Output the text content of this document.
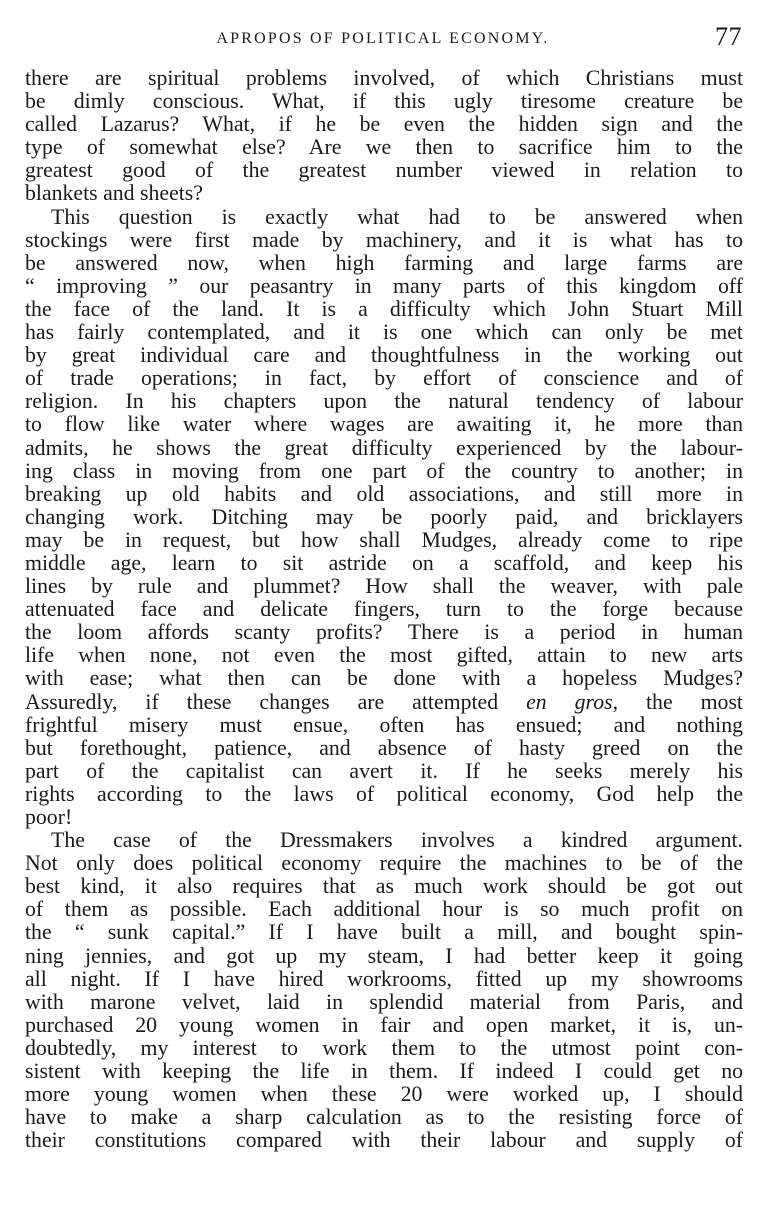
APROPOS OF POLITICAL ECONOMY.	77
there are spiritual problems involved, of which Christians must
be dimly conscious. What, if this ugly tiresome creature be
called Lazarus? What, if he be even the hidden sign and the
type of somewhat else? Are we then to sacrifice him to the
greatest good of the greatest number viewed in relation to
blankets and sheets?
This question is exactly what had to be answered when
stockings were first made by machinery, and it is what has to
be answered now, when high farming and large farms are
“ improving ” our peasantry in many parts of this kingdom off
the face of the land. It is a difficulty which John Stuart Mill
has fairly contemplated, and it is one which can only be met
by great individual care and thoughtfulness in the working out
of trade operations; in fact, by effort of conscience and of
religion. In his chapters upon the natural tendency of labour
to flow like water where wages are awaiting it, he more than
admits, he shows the great difficulty experienced by the labour-
ing class in moving from one part of the country to another; in
breaking up old habits and old associations, and still more in
changing work. Ditching may be poorly paid, and bricklayers
may be in request, but how shall Mudges, already come to ripe
middle age, learn to sit astride on a scaffold, and keep his
lines by rule and plummet? How shall the weaver, with pale
attenuated face and delicate fingers, turn to the forge because
the loom affords scanty profits? There is a period in human
life when none, not even the most gifted, attain to new arts
with ease; what then can be done with a hopeless Mudges?
Assuredly, if these changes are attempted en gros, the most
frightful misery must ensue, often has ensued; and nothing
but forethought, patience, and absence of hasty greed on the
part of the capitalist can avert it. If he seeks merely his
rights according to the laws of political economy, God help the
poor!
The case of the Dressmakers involves a kindred argument.
Not only does political economy require the machines to be of the
best kind, it also requires that as much work should be got out
of them as possible. Each additional hour is so much profit on
the “ sunk capital.” If I have built a mill, and bought spin-
ning jennies, and got up my steam, I had better keep it going
all night. If I have hired workrooms, fitted up my showrooms
with marone velvet, laid in splendid material from Paris, and
purchased 20 young women in fair and open market, it is, un-
doubtedly, my interest to work them to the utmost point con-
sistent with keeping the life in them. If indeed I could get no
more young women when these 20 were worked up, I should
have to make a sharp calculation as to the resisting force of
their constitutions compared with their labour and supply of
